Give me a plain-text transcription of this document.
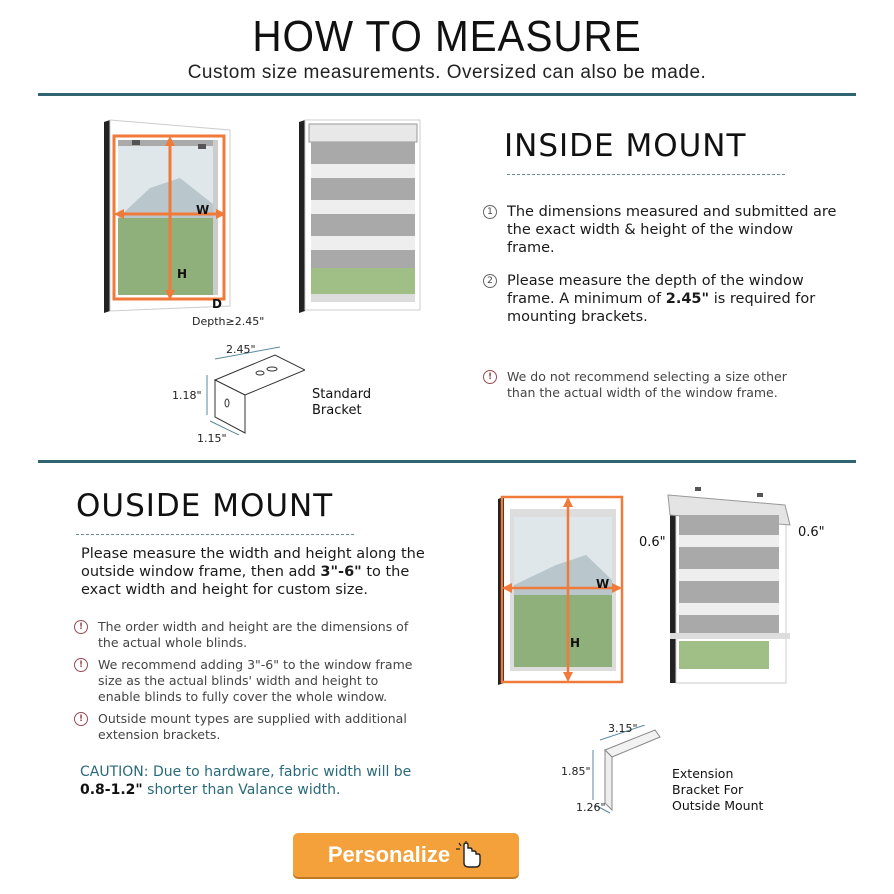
HOW TO MEASURE
Custom size measurements. Oversized can also be made.
W
H
D
Depth≥2.45"
2.45"
1.18"
1.15"
Standard
Bracket
INSIDE MOUNT
1 The dimensions measured and submitted are the exact width & height of the window frame.
2 Please measure the depth of the window frame. A minimum of 2.45" is required for mounting brackets.
!	We do not recommend selecting a size other than the actual width of the window frame.
OUSIDE MOUNT
Please measure the width and height along the outside window frame, then add 3"-6" to the exact width and height for custom size.
!	The order width and height are the dimensions of the actual whole blinds.
!	We recommend adding 3"-6" to the window frame size as the actual blinds' width and height to enable blinds to fully cover the whole window.
!	Outside mount types are supplied with additional extension brackets.
CAUTION: Due to hardware, fabric width will be
0.8-1.2" shorter than Valance width.
W
H
0.6"
0.6"
3.15"
1.85"
1.26"
Extension
Bracket For
Outside Mount
Personalize
